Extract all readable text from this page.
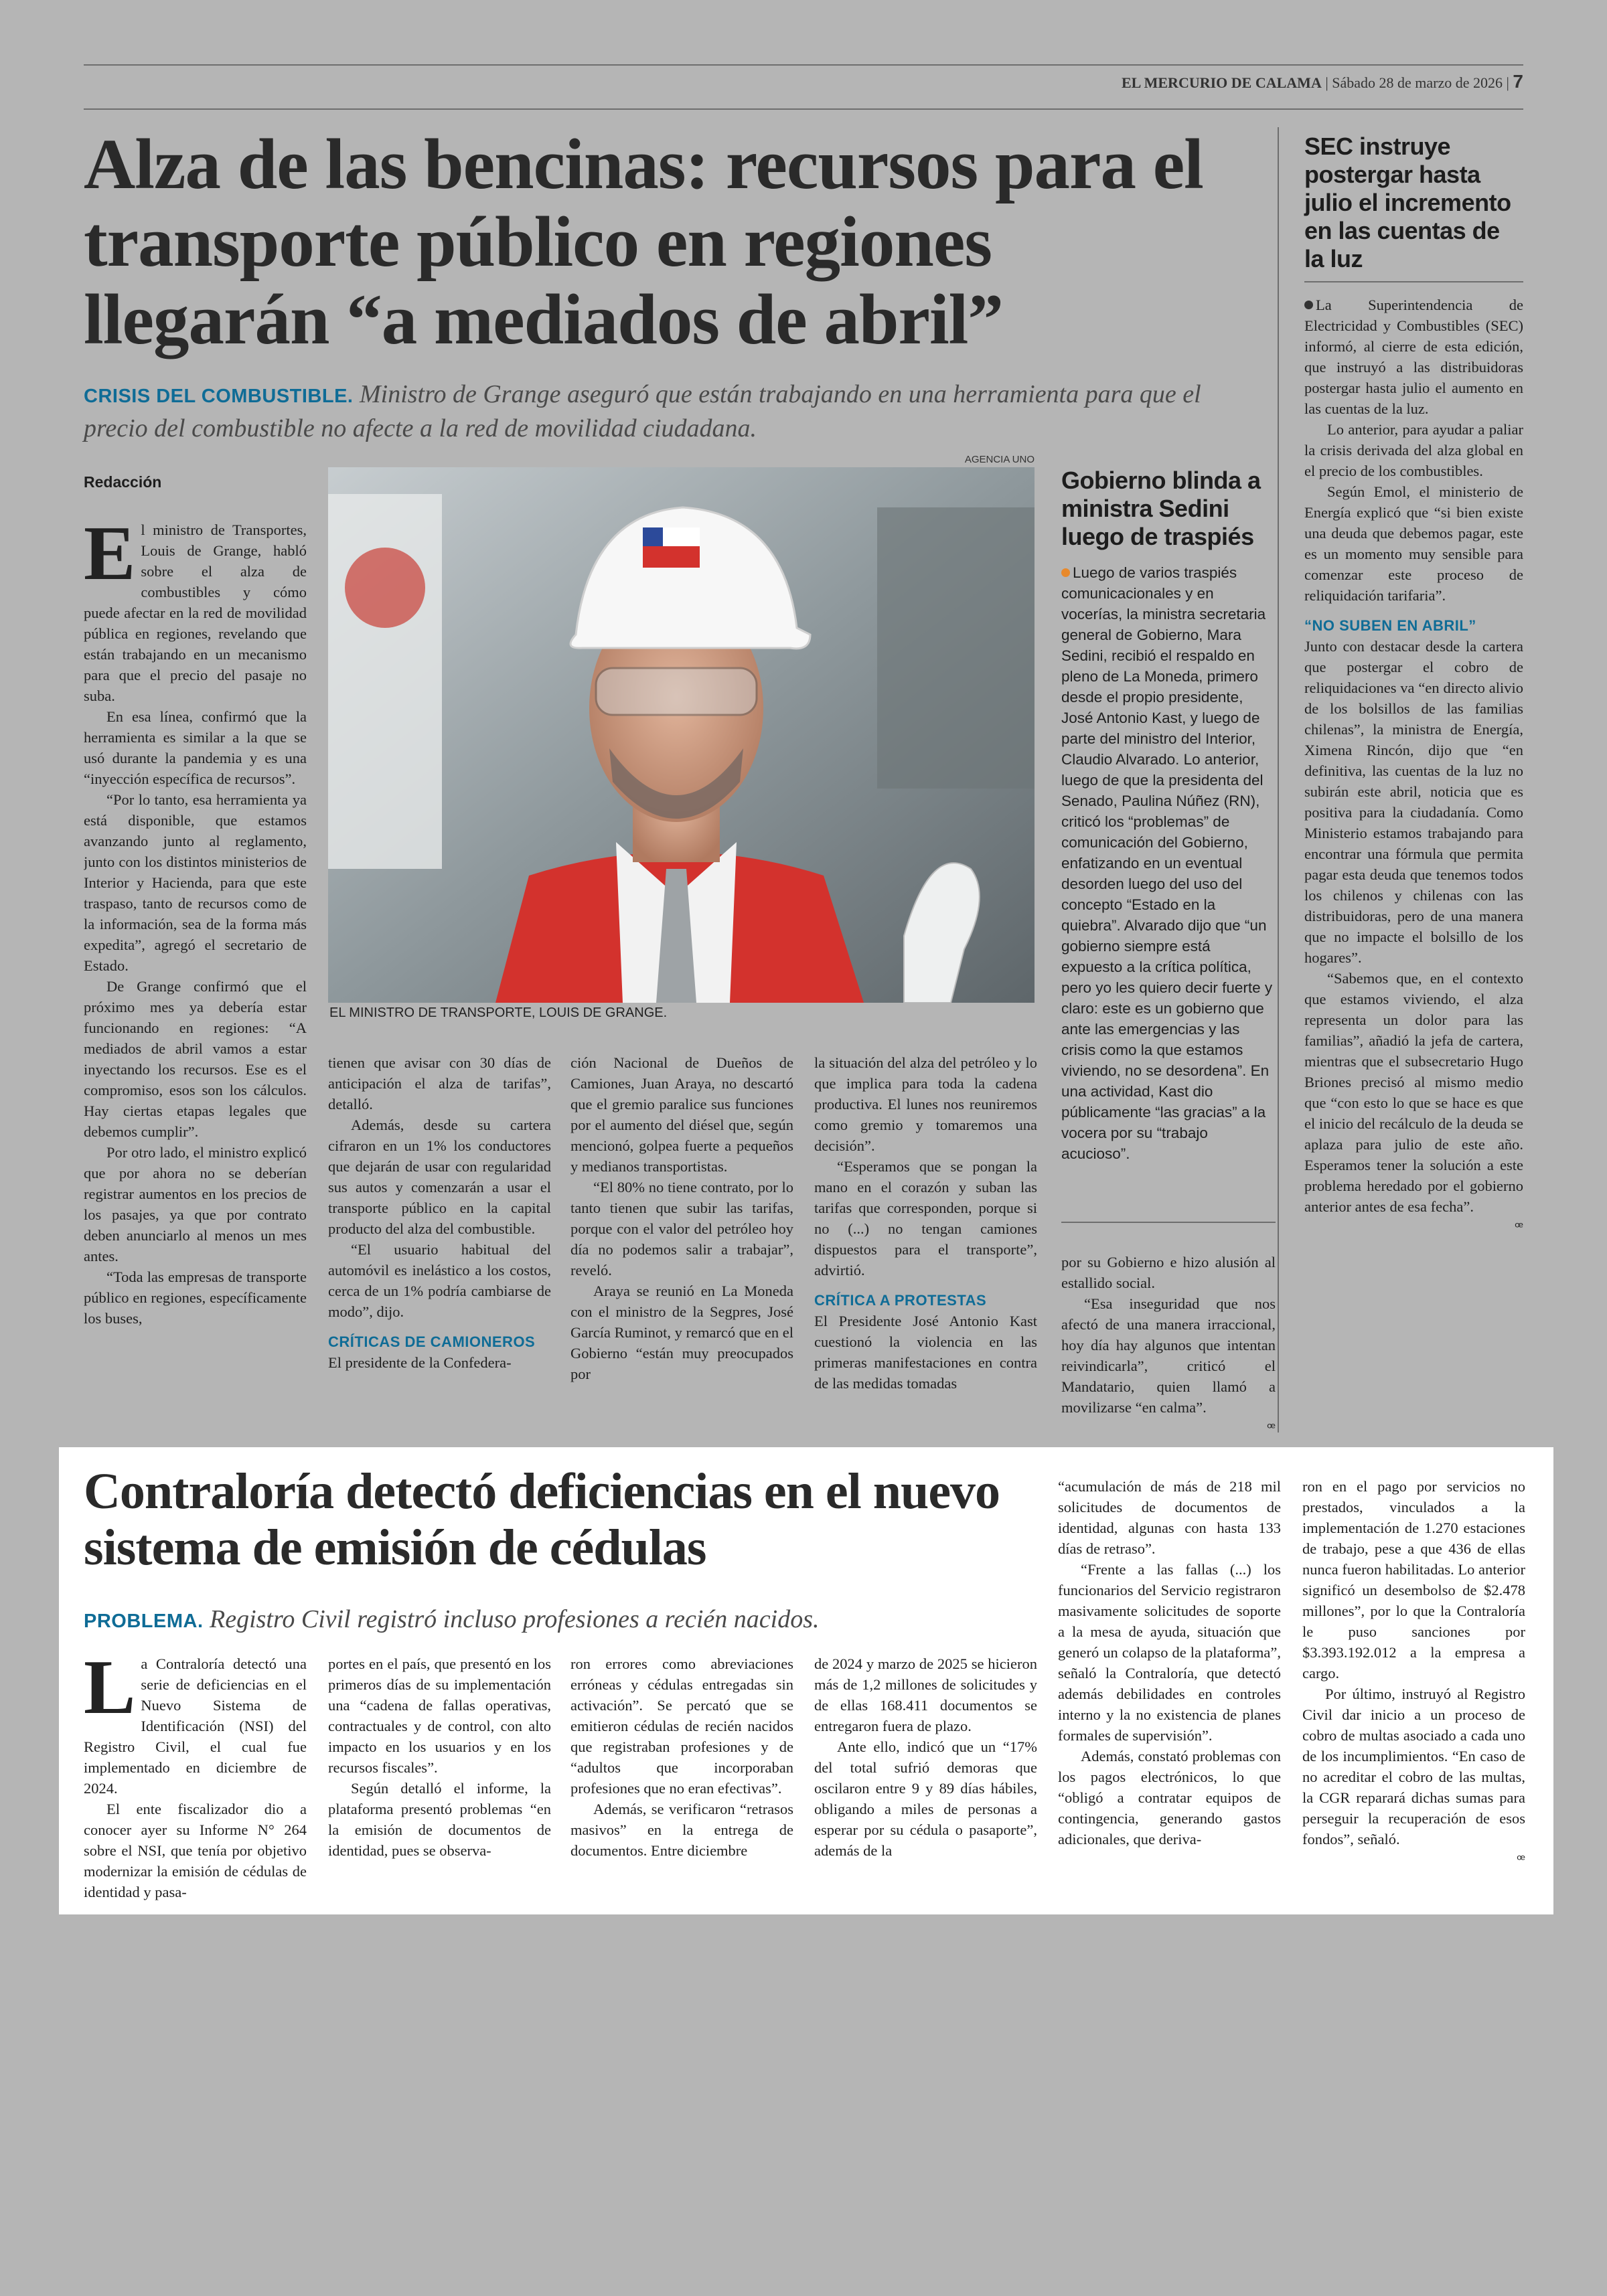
EL MERCURIO DE CALAMA | Sábado 28 de marzo de 2026 | 7
Alza de las bencinas: recursos para el transporte público en regiones llegarán “a mediados de abril”
CRISIS DEL COMBUSTIBLE. Ministro de Grange aseguró que están trabajando en una herramienta para que el precio del combustible no afecte a la red de movilidad ciudadana.

Redacción

El ministro de Transportes, Louis de Grange, habló sobre el alza de combustibles y cómo puede afectar en la red de movilidad pública en regiones, revelando que están trabajando en un mecanismo para que el precio del pasaje no suba.

En esa línea, confirmó que la herramienta es similar a la que se usó durante la pandemia y es una “inyección específica de recursos”.

“Por lo tanto, esa herramienta ya está disponible, que estamos avanzando junto al reglamento, junto con los distintos ministerios de Interior y Hacienda, para que este traspaso, tanto de recursos como de la información, sea de la forma más expedita”, agregó el secretario de Estado.

De Grange confirmó que el próximo mes ya debería estar funcionando en regiones: “A mediados de abril vamos a estar inyectando los recursos. Ese es el compromiso, esos son los cálculos. Hay ciertas etapas legales que debemos cumplir”.

Por otro lado, el ministro explicó que por ahora no se deberían registrar aumentos en los precios de los pasajes, ya que por contrato deben anunciarlo al menos un mes antes.

“Toda las empresas de transporte público en regiones, específicamente los buses,

AGENCIA UNO
EL MINISTRO DE TRANSPORTE, LOUIS DE GRANGE.

tienen que avisar con 30 días de anticipación el alza de tarifas”, detalló.

Además, desde su cartera cifraron en un 1% los conductores que dejarán de usar con regularidad sus autos y comenzarán a usar el transporte público en la capital producto del alza del combustible.

“El usuario habitual del automóvil es inelástico a los costos, cerca de un 1% podría cambiarse de modo”, dijo.

CRÍTICAS DE CAMIONEROS

El presidente de la Confedera-

ción Nacional de Dueños de Camiones, Juan Araya, no descartó que el gremio paralice sus funciones por el aumento del diésel que, según mencionó, golpea fuerte a pequeños y medianos transportistas.

“El 80% no tiene contrato, por lo tanto tienen que subir las tarifas, porque con el valor del petróleo hoy día no podemos salir a trabajar”, reveló.

Araya se reunió en La Moneda con el ministro de la Segpres, José García Ruminot, y remarcó que en el Gobierno “están muy preocupados por

la situación del alza del petróleo y lo que implica para toda la cadena productiva. El lunes nos reuniremos como gremio y tomaremos una decisión”.

“Esperamos que se pongan la mano en el corazón y suban las tarifas que corresponden, porque si no (...) no tengan camiones dispuestos para el transporte”, advirtió.

CRÍTICA A PROTESTAS

El Presidente José Antonio Kast cuestionó la violencia en las primeras manifestaciones en contra de las medidas tomadas

Gobierno blinda a ministra Sedini luego de traspiés

Luego de varios traspiés comunicacionales y en vocerías, la ministra secretaria general de Gobierno, Mara Sedini, recibió el respaldo en pleno de La Moneda, primero desde el propio presidente, José Antonio Kast, y luego de parte del ministro del Interior, Claudio Alvarado. Lo anterior, luego de que la presidenta del Senado, Paulina Núñez (RN), criticó los “problemas” de comunicación del Gobierno, enfatizando en un eventual desorden luego del uso del concepto “Estado en la quiebra”. Alvarado dijo que “un gobierno siempre está expuesto a la crítica política, pero yo les quiero decir fuerte y claro: este es un gobierno que ante las emergencias y las crisis como la que estamos viviendo, no se desordena”. En una actividad, Kast dio públicamente “las gracias” a la vocera por su “trabajo acucioso”.

por su Gobierno e hizo alusión al estallido social.

“Esa inseguridad que nos afectó de una manera irraccional, hoy día hay algunos que intentan reivindicarla”, criticó el Mandatario, quien llamó a movilizarse “en calma”.

ꟹ
SEC instruye postergar hasta julio el incremento en las cuentas de la luz

La Superintendencia de Electricidad y Combustibles (SEC) informó, al cierre de esta edición, que instruyó a las distribuidoras postergar hasta julio el aumento en las cuentas de la luz.

Lo anterior, para ayudar a paliar la crisis derivada del alza global en el precio de los combustibles.

Según Emol, el ministerio de Energía explicó que “si bien existe una deuda que debemos pagar, este es un momento muy sensible para comenzar este proceso de reliquidación tarifaria”.

“NO SUBEN EN ABRIL”

Junto con destacar desde la cartera que postergar el cobro de reliquidaciones va “en directo alivio de los bolsillos de las familias chilenas”, la ministra de Energía, Ximena Rincón, dijo que “en definitiva, las cuentas de la luz no subirán este abril, noticia que es positiva para la ciudadanía. Como Ministerio estamos trabajando para encontrar una fórmula que permita pagar esta deuda que tenemos todos los chilenos y chilenas con las distribuidoras, pero de una manera que no impacte el bolsillo de los hogares”.

“Sabemos que, en el contexto que estamos viviendo, el alza representa un dolor para las familias”, añadió la jefa de cartera, mientras que el subsecretario Hugo Briones precisó al mismo medio que “con esto lo que se hace es que el inicio del recálculo de la deuda se aplaza para julio de este año. Esperamos tener la solución a este problema heredado por el gobierno anterior antes de esa fecha”.

ꟹ
Contraloría detectó deficiencias en el nuevo sistema de emisión de cédulas
PROBLEMA. Registro Civil registró incluso profesiones a recién nacidos.

La Contraloría detectó una serie de deficiencias en el Nuevo Sistema de Identificación (NSI) del Registro Civil, el cual fue implementado en diciembre de 2024.

El ente fiscalizador dio a conocer ayer su Informe N° 264 sobre el NSI, que tenía por objetivo modernizar la emisión de cédulas de identidad y pasa-

portes en el país, que presentó en los primeros días de su implementación una “cadena de fallas operativas, contractuales y de control, con alto impacto en los usuarios y en los recursos fiscales”.

Según detalló el informe, la plataforma presentó problemas “en la emisión de documentos de identidad, pues se observa-

ron errores como abreviaciones erróneas y cédulas entregadas sin activación”. Se percató que se emitieron cédulas de recién nacidos que registraban profesiones y de “adultos que incorporaban profesiones que no eran efectivas”.

Además, se verificaron “retrasos masivos” en la entrega de documentos. Entre diciembre

de 2024 y marzo de 2025 se hicieron más de 1,2 millones de solicitudes y de ellas 168.411 documentos se entregaron fuera de plazo.

Ante ello, indicó que un “17% del total sufrió demoras que oscilaron entre 9 y 89 días hábiles, obligando a miles de personas a esperar por su cédula o pasaporte”, además de la

“acumulación de más de 218 mil solicitudes de documentos de identidad, algunas con hasta 133 días de retraso”.

“Frente a las fallas (...) los funcionarios del Servicio registraron masivamente solicitudes de soporte a la mesa de ayuda, situación que generó un colapso de la plataforma”, señaló la Contraloría, que detectó además debilidades en controles interno y la no existencia de planes formales de supervisión”.

Además, constató problemas con los pagos electrónicos, lo que “obligó a contratar equipos de contingencia, generando gastos adicionales, que deriva-

ron en el pago por servicios no prestados, vinculados a la implementación de 1.270 estaciones de trabajo, pese a que 436 de ellas nunca fueron habilitadas. Lo anterior significó un desembolso de $2.478 millones”, por lo que la Contraloría le puso sanciones por $3.393.192.012 a la empresa a cargo.

Por último, instruyó al Registro Civil dar inicio a un proceso de cobro de multas asociado a cada uno de los incumplimientos. “En caso de no acreditar el cobro de las multas, la CGR reparará dichas sumas para perseguir la recuperación de esos fondos”, señaló.

ꟹ
